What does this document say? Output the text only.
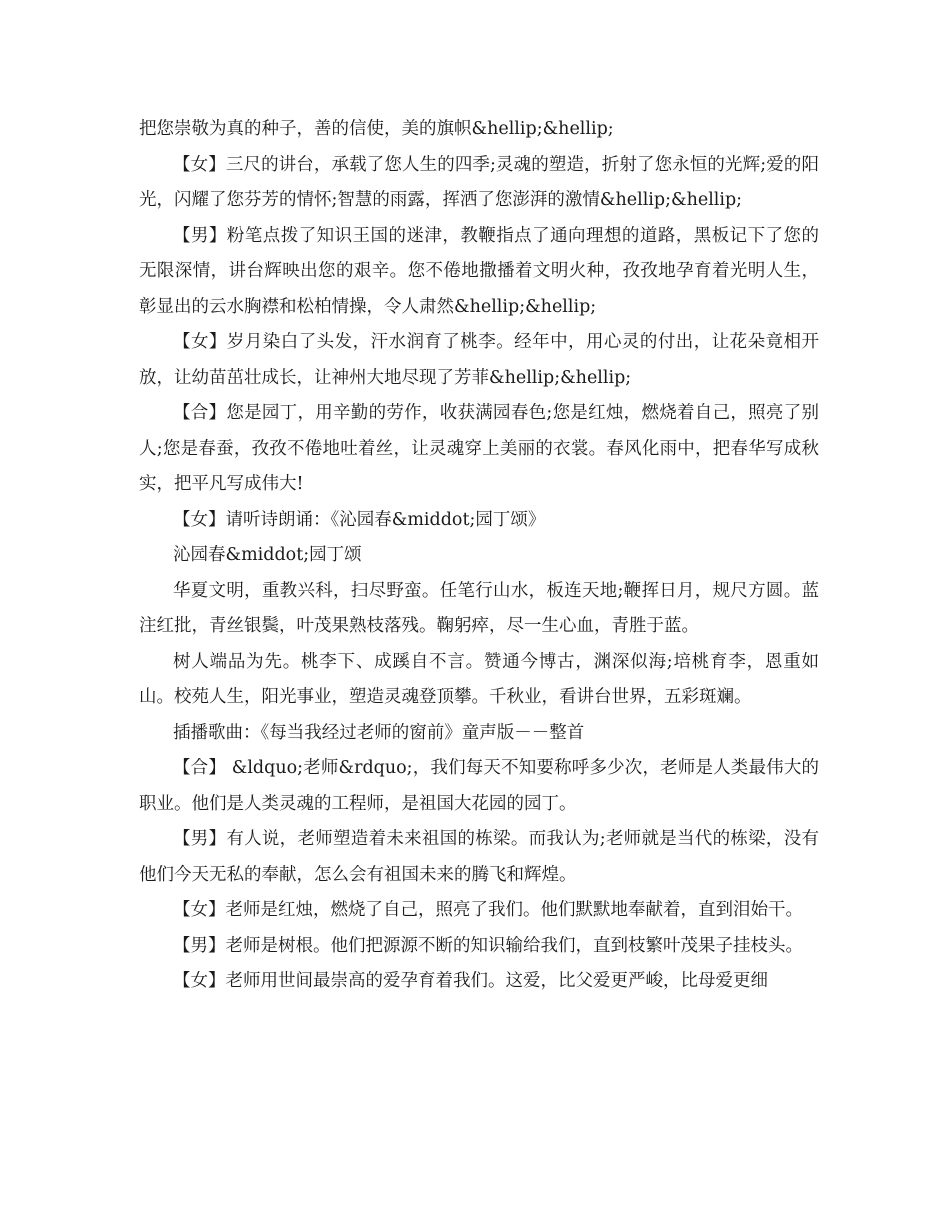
把您崇敬为真的种子，善的信使，美的旗帜&hellip;&hellip;

【女】三尺的讲台，承载了您人生的四季;灵魂的塑造，折射了您永恒的光辉;爱的阳光，闪耀了您芬芳的情怀;智慧的雨露，挥洒了您澎湃的激情&hellip;&hellip;

【男】粉笔点拨了知识王国的迷津，教鞭指点了通向理想的道路，黑板记下了您的无限深情，讲台辉映出您的艰辛。您不倦地撒播着文明火种，孜孜地孕育着光明人生，彰显出的云水胸襟和松柏情操，令人肃然&hellip;&hellip;

【女】岁月染白了头发，汗水润育了桃李。经年中，用心灵的付出，让花朵竟相开放，让幼苗茁壮成长，让神州大地尽现了芳菲&hellip;&hellip;

【合】您是园丁，用辛勤的劳作，收获满园春色;您是红烛，燃烧着自己，照亮了别人;您是春蚕，孜孜不倦地吐着丝，让灵魂穿上美丽的衣裳。春风化雨中，把春华写成秋实，把平凡写成伟大!

【女】请听诗朗诵：《沁园春&middot;园丁颂》

沁园春&middot;园丁颂

华夏文明，重教兴科，扫尽野蛮。任笔行山水，板连天地;鞭挥日月，规尺方圆。蓝注红批，青丝银鬓，叶茂果熟枝落残。鞠躬瘁，尽一生心血，青胜于蓝。

树人端品为先。桃李下、成蹊自不言。赞通今博古，渊深似海;培桃育李，恩重如山。校苑人生，阳光事业，塑造灵魂登顶攀。千秋业，看讲台世界，五彩斑斓。

插播歌曲：《每当我经过老师的窗前》童声版－－整首

【合】 &ldquo;老师&rdquo;，我们每天不知要称呼多少次，老师是人类最伟大的职业。他们是人类灵魂的工程师，是祖国大花园的园丁。

【男】有人说，老师塑造着未来祖国的栋梁。而我认为;老师就是当代的栋梁，没有他们今天无私的奉献，怎么会有祖国未来的腾飞和辉煌。

【女】老师是红烛，燃烧了自己，照亮了我们。他们默默地奉献着，直到泪始干。

【男】老师是树根。他们把源源不断的知识输给我们，直到枝繁叶茂果子挂枝头。

【女】老师用世间最崇高的爱孕育着我们。这爱，比父爱更严峻，比母爱更细
